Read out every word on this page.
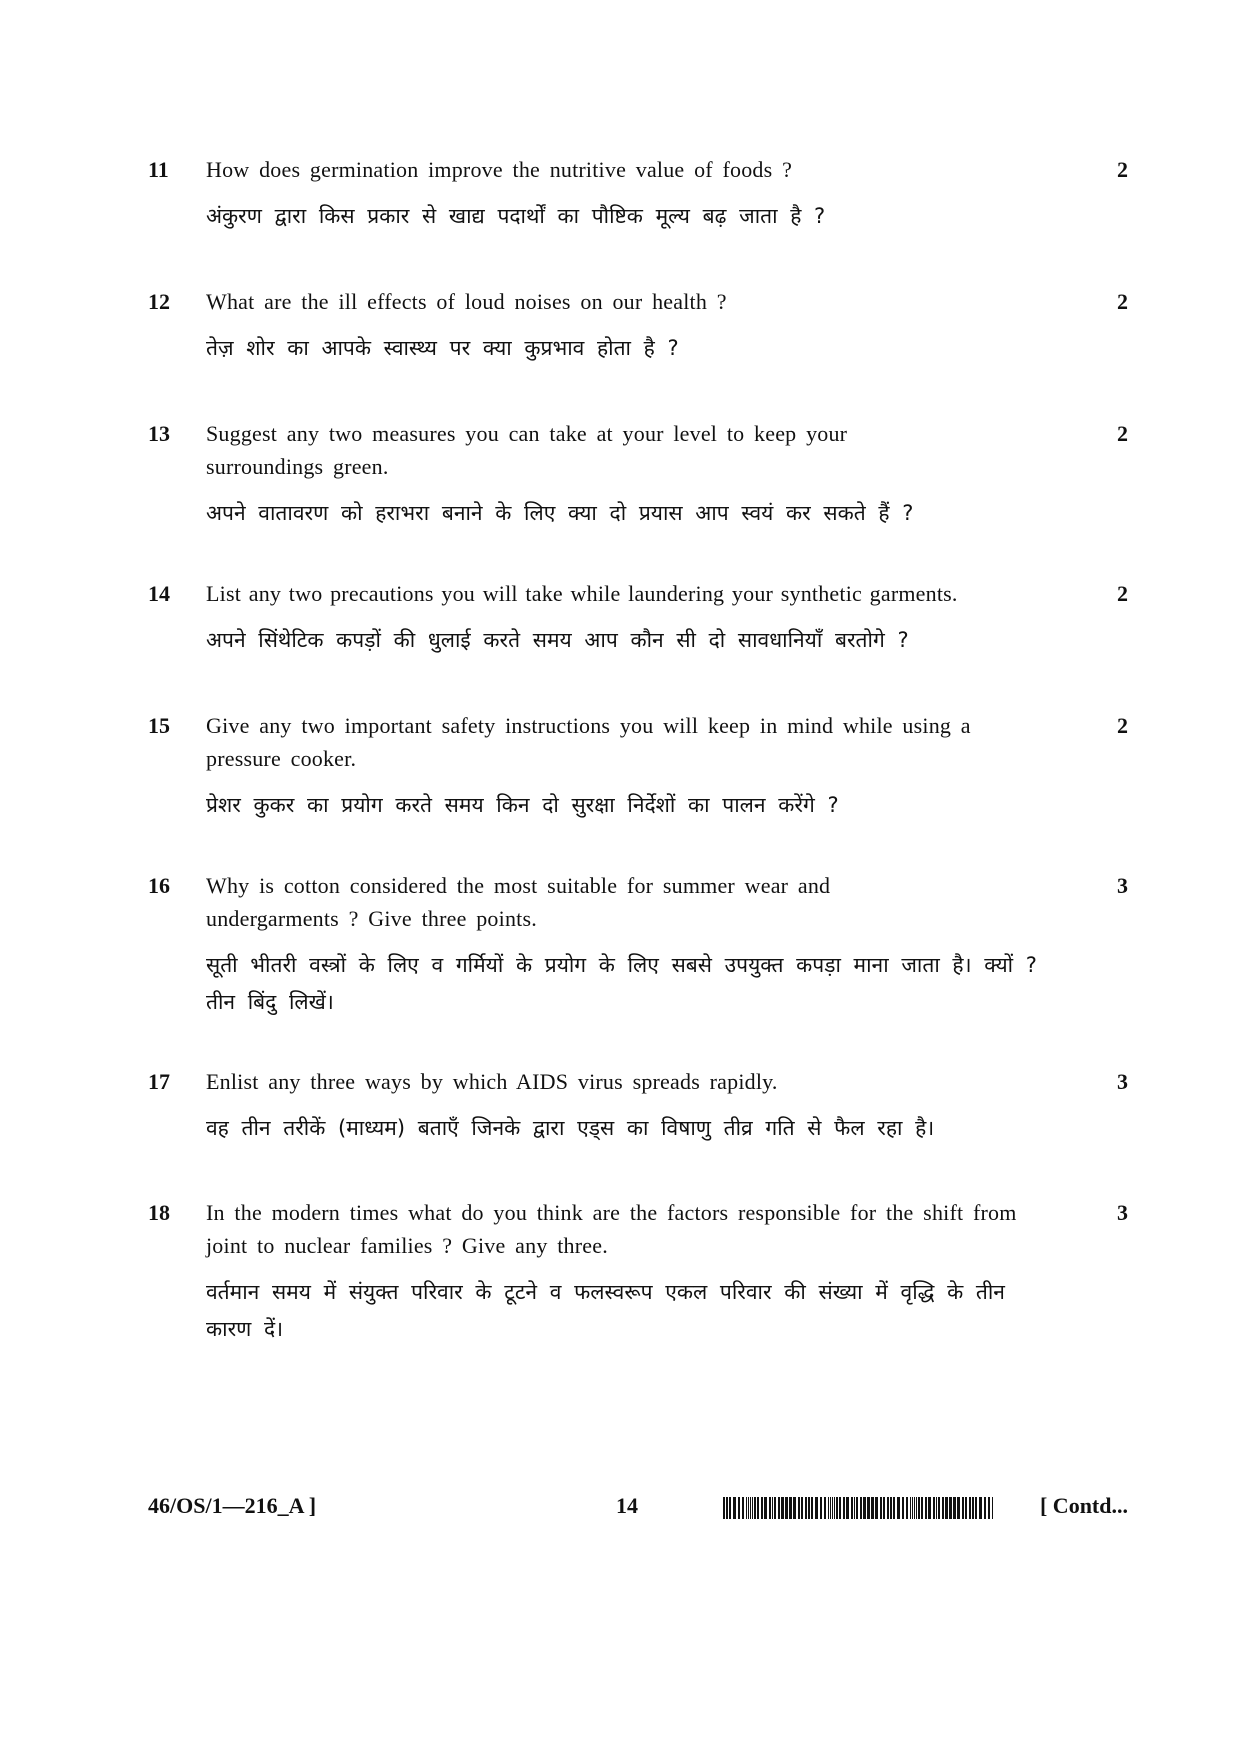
11	How does germination improve the nutritive value of foods ?
अंकुरण द्वारा किस प्रकार से खाद्य पदार्थों का पौष्टिक मूल्य बढ़ जाता है ?
2
12	What are the ill effects of loud noises on our health ?
तेज़ शोर का आपके स्वास्थ्य पर क्या कुप्रभाव होता है ?
2
13	Suggest any two measures you can take at your level to keep your surroundings green.
अपने वातावरण को हराभरा बनाने के लिए क्या दो प्रयास आप स्वयं कर सकते हैं ?
2
14	List any two precautions you will take while laundering your synthetic garments.
अपने सिंथेटिक कपड़ों की धुलाई करते समय आप कौन सी दो सावधानियाँ बरतोगे ?
2
15	Give any two important safety instructions you will keep in mind while using a pressure cooker.
प्रेशर कुकर का प्रयोग करते समय किन दो सुरक्षा निर्देशों का पालन करेंगे ?
2
16	Why is cotton considered the most suitable for summer wear and undergarments ? Give three points.
सूती भीतरी वस्त्रों के लिए व गर्मियों के प्रयोग के लिए सबसे उपयुक्त कपड़ा माना जाता है। क्यों ? तीन बिंदु लिखें।
3
17	Enlist any three ways by which AIDS virus spreads rapidly.
वह तीन तरीकें (माध्यम) बताएँ जिनके द्वारा एड्स का विषाणु तीव्र गति से फैल रहा है।
3
18	In the modern times what do you think are the factors responsible for the shift from joint to nuclear families ? Give any three.
वर्तमान समय में संयुक्त परिवार के टूटने व फलस्वरूप एकल परिवार की संख्या में वृद्धि के तीन कारण दें।
3
46/OS/1—216_A ]	14	[ Contd...
